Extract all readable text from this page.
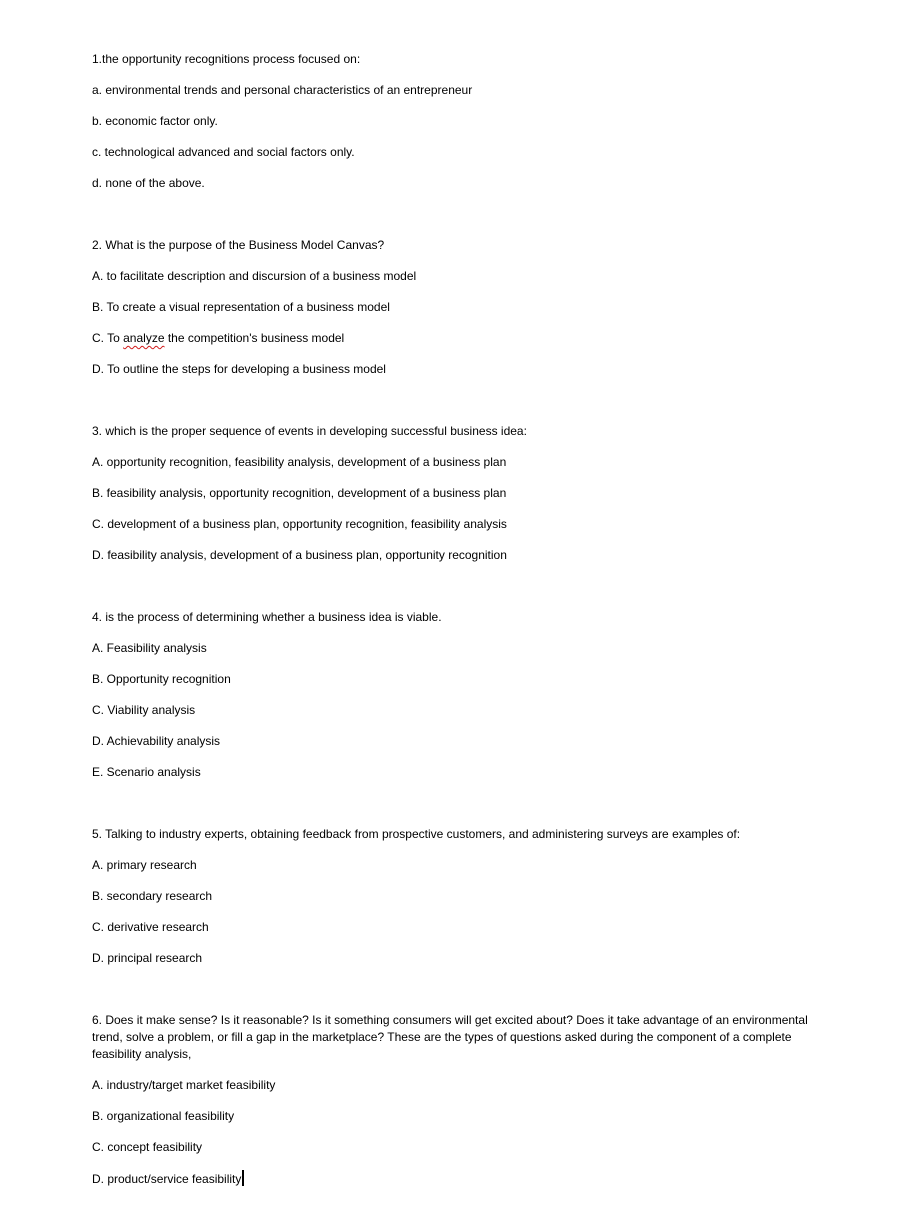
1.the opportunity recognitions process focused on:

a. environmental trends and personal characteristics of an entrepreneur

b. economic factor only.

c. technological advanced and social factors only.

d. none of the above.

2. What is the purpose of the Business Model Canvas?

A. to facilitate description and discursion of a business model

B. To create a visual representation of a business model

C. To analyze the competition's business model

D. To outline the steps for developing a business model

3. which is the proper sequence of events in developing successful business idea:

A. opportunity recognition, feasibility analysis, development of a business plan

B. feasibility analysis, opportunity recognition, development of a business plan

C. development of a business plan, opportunity recognition, feasibility analysis

D. feasibility analysis, development of a business plan, opportunity recognition

4. is the process of determining whether a business idea is viable.

A. Feasibility analysis

B. Opportunity recognition

C. Viability analysis

D. Achievability analysis

E. Scenario analysis

5. Talking to industry experts, obtaining feedback from prospective customers, and administering surveys are examples of:

A. primary research

B. secondary research

C. derivative research

D. principal research

6. Does it make sense? Is it reasonable? Is it something consumers will get excited about? Does it take advantage of an environmental

trend, solve a problem, or fill a gap in the marketplace? These are the types of questions asked during the component of a complete

feasibility analysis,

A. industry/target market feasibility

B. organizational feasibility

C. concept feasibility

D. product/service feasibility
